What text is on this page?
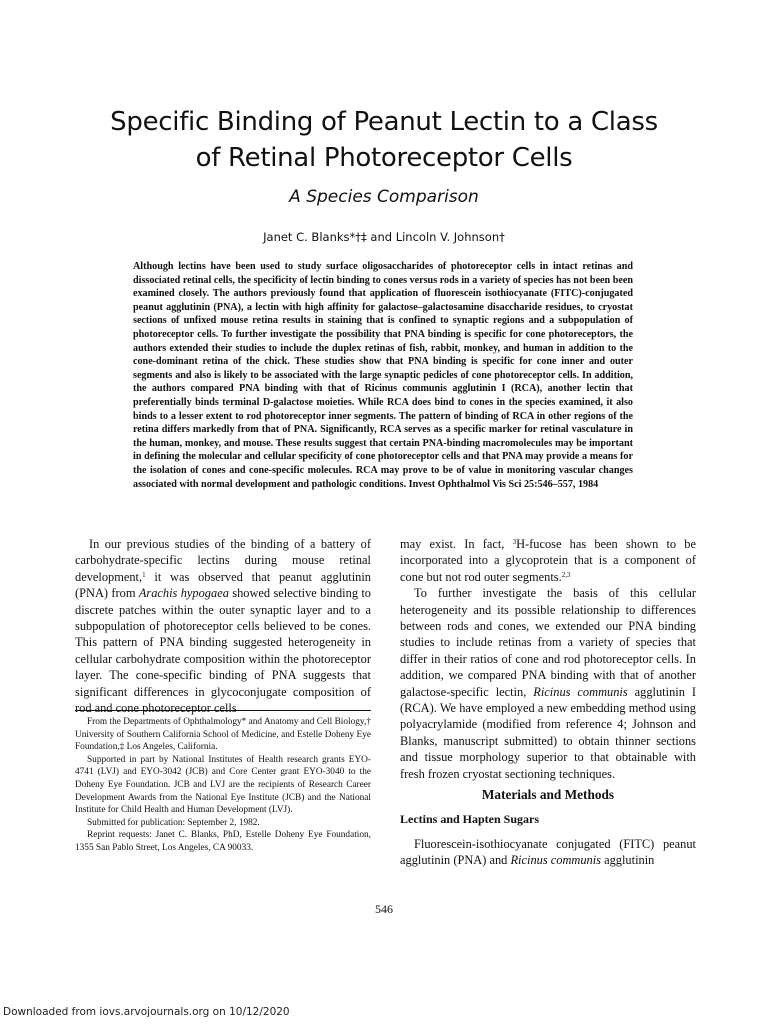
Specific Binding of Peanut Lectin to a Class
of Retinal Photoreceptor Cells
A Species Comparison
Janet C. Blanks*†‡ and Lincoln V. Johnson†

Although lectins have been used to study surface oligosaccharides of photoreceptor cells in intact retinas and dissociated retinal cells, the specificity of lectin binding to cones versus rods in a variety of species has not been been examined closely. The authors previously found that application of fluorescein isothiocyanate (FITC)-conjugated peanut agglutinin (PNA), a lectin with high affinity for galactose–galactosamine disaccharide residues, to cryostat sections of unfixed mouse retina results in staining that is confined to synaptic regions and a subpopulation of photoreceptor cells. To further investigate the possibility that PNA binding is specific for cone photoreceptors, the authors extended their studies to include the duplex retinas of fish, rabbit, monkey, and human in addition to the cone-dominant retina of the chick. These studies show that PNA binding is specific for cone inner and outer segments and also is likely to be associated with the large synaptic pedicles of cone photoreceptor cells. In addition, the authors compared PNA binding with that of Ricinus communis agglutinin I (RCA), another lectin that preferentially binds terminal D-galactose moieties. While RCA does bind to cones in the species examined, it also binds to a lesser extent to rod photoreceptor inner segments. The pattern of binding of RCA in other regions of the retina differs markedly from that of PNA. Significantly, RCA serves as a specific marker for retinal vasculature in the human, monkey, and mouse. These results suggest that certain PNA-binding macromolecules may be important in defining the molecular and cellular specificity of cone photoreceptor cells and that PNA may provide a means for the isolation of cones and cone-specific molecules. RCA may prove to be of value in monitoring vascular changes associated with normal development and pathologic conditions. Invest Ophthalmol Vis Sci 25:546–557, 1984

In our previous studies of the binding of a battery of carbohydrate-specific lectins during mouse retinal development,$^1$ it was observed that peanut agglutinin (PNA) from Arachis hypogaea showed selective binding to discrete patches within the outer synaptic layer and to a subpopulation of photoreceptor cells believed to be cones. This pattern of PNA binding suggested heterogeneity in cellular carbohydrate composition within the photoreceptor layer. The cone-specific binding of PNA suggests that significant differences in glycoconjugate composition of rod and cone photoreceptor cells

From the Departments of Ophthalmology* and Anatomy and Cell Biology,† University of Southern California School of Medicine, and Estelle Doheny Eye Foundation,‡ Los Angeles, California.

Supported in part by National Institutes of Health research grants EYO-4741 (LVJ) and EYO-3042 (JCB) and Core Center grant EYO-3040 to the Doheny Eye Foundation. JCB and LVJ are the recipients of Research Career Development Awards from the National Eye Institute (JCB) and the National Institute for Child Health and Human Development (LVJ).

Submitted for publication: September 2, 1982.

Reprint requests: Janet C. Blanks, PhD, Estelle Doheny Eye Foundation, 1355 San Pablo Street, Los Angeles, CA 90033.

may exist. In fact, $^3$H-fucose has been shown to be incorporated into a glycoprotein that is a component of cone but not rod outer segments.$^{2,3}$

To further investigate the basis of this cellular heterogeneity and its possible relationship to differences between rods and cones, we extended our PNA binding studies to include retinas from a variety of species that differ in their ratios of cone and rod photoreceptor cells. In addition, we compared PNA binding with that of another galactose-specific lectin, Ricinus communis agglutinin I (RCA). We have employed a new embedding method using polyacrylamide (modified from reference 4; Johnson and Blanks, manuscript submitted) to obtain thinner sections and tissue morphology superior to that obtainable with fresh frozen cryostat sectioning techniques.

Materials and Methods
Lectins and Hapten Sugars

Fluorescein-isothiocyanate conjugated (FITC) peanut agglutinin (PNA) and Ricinus communis agglutinin

546
Downloaded from iovs.arvojournals.org on 10/12/2020
